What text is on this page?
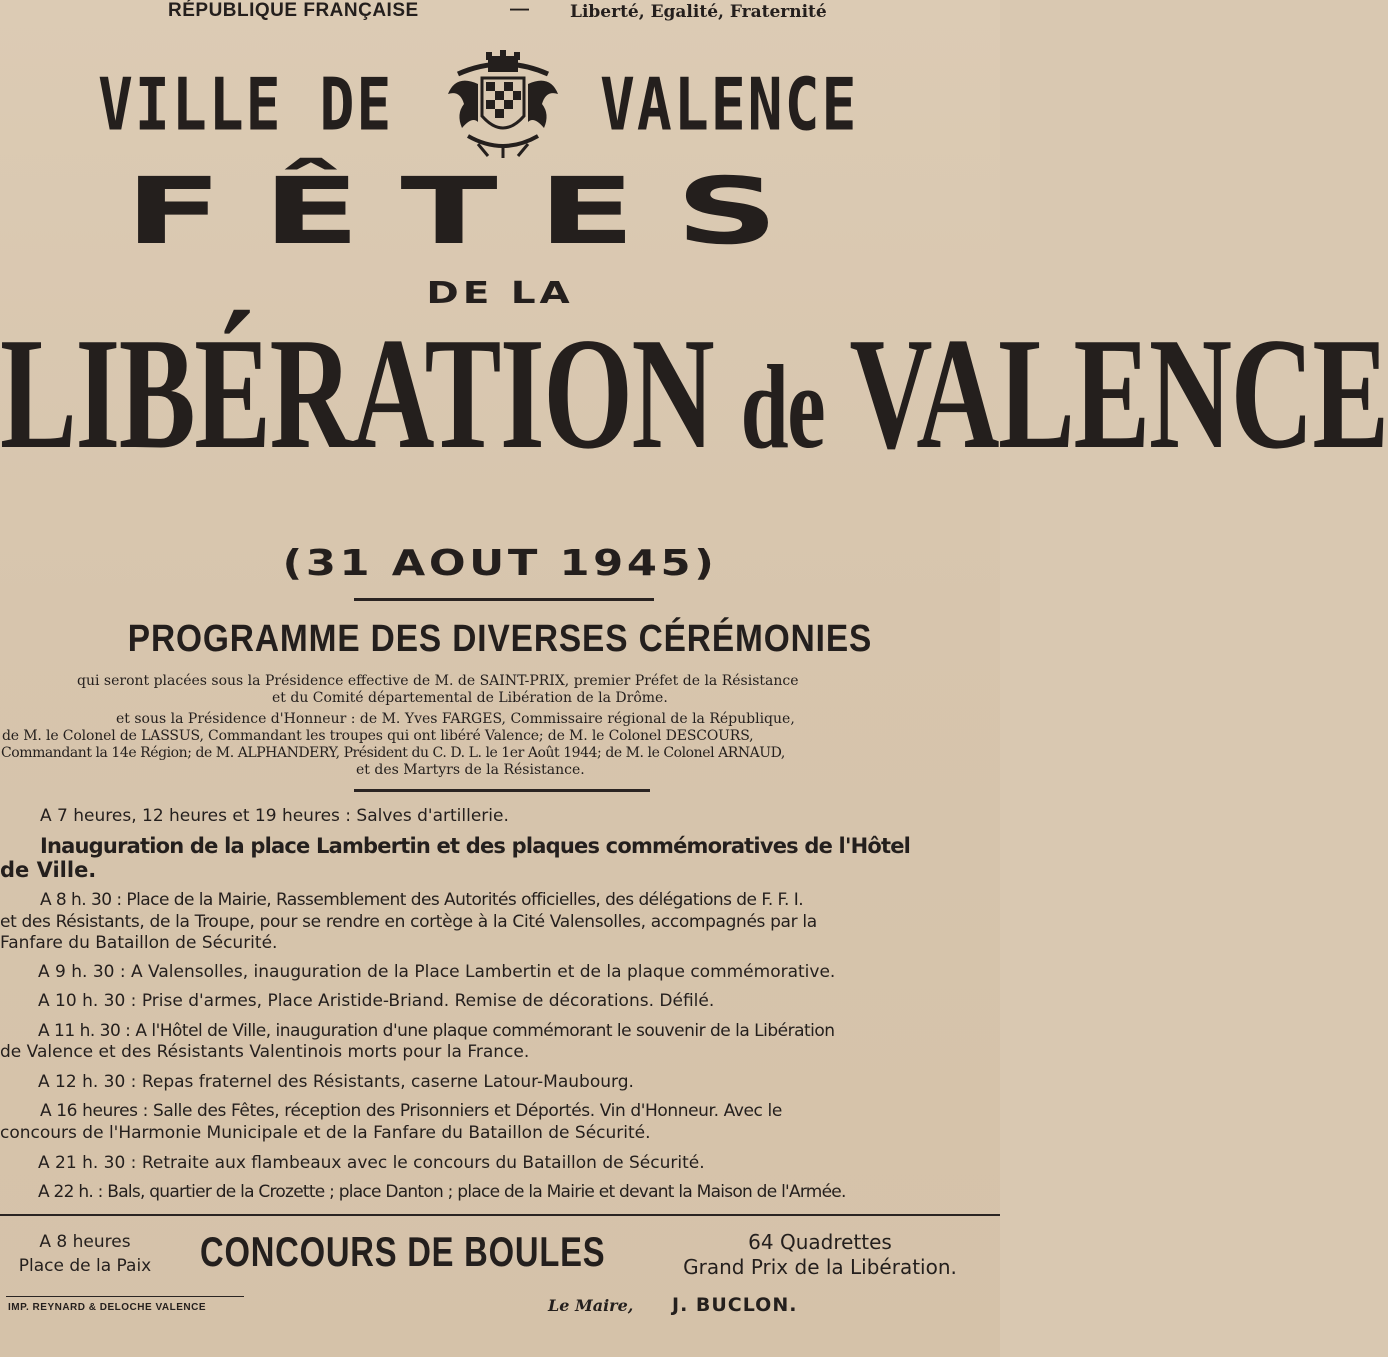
RÉPUBLIQUE FRANÇAISE	— Liberté, Egalité, Fraternité
VILLE DE	VALENCE
FÊTES
DE LA
LIBÉRATION de VALENCE
(31 AOUT 1945)
PROGRAMME DES DIVERSES CÉRÉMONIES
qui seront placées sous la Présidence effective de M. de SAINT-PRIX, premier Préfet de la Résistance
et du Comité départemental de Libération de la Drôme.
et sous la Présidence d'Honneur : de M. Yves FARGES, Commissaire régional de la République,
de M. le Colonel de LASSUS, Commandant les troupes qui ont libéré Valence; de M. le Colonel DESCOURS,
Commandant la 14e Région; de M. ALPHANDERY, Président du C. D. L. le 1er Août 1944; de M. le Colonel ARNAUD,
et des Martyrs de la Résistance.
A 7 heures, 12 heures et 19 heures : Salves d'artillerie.
Inauguration de la place Lambertin et des plaques commémoratives de l'Hôtel
de Ville.
A 8 h. 30 : Place de la Mairie, Rassemblement des Autorités officielles, des délégations de F. F. I.
et des Résistants, de la Troupe, pour se rendre en cortège à la Cité Valensolles, accompagnés par la
Fanfare du Bataillon de Sécurité.
A 9 h. 30 : A Valensolles, inauguration de la Place Lambertin et de la plaque commémorative.
A 10 h. 30 : Prise d'armes, Place Aristide-Briand. Remise de décorations. Défilé.
A 11 h. 30 : A l'Hôtel de Ville, inauguration d'une plaque commémorant le souvenir de la Libération
de Valence et des Résistants Valentinois morts pour la France.
A 12 h. 30 : Repas fraternel des Résistants, caserne Latour-Maubourg.
A 16 heures : Salle des Fêtes, réception des Prisonniers et Déportés. Vin d'Honneur. Avec le
concours de l'Harmonie Municipale et de la Fanfare du Bataillon de Sécurité.
A 21 h. 30 : Retraite aux flambeaux avec le concours du Bataillon de Sécurité.
A 22 h. : Bals, quartier de la Crozette ; place Danton ; place de la Mairie et devant la Maison de l'Armée.
A 8 heures
Place de la Paix	CONCOURS DE BOULES	64 Quadrettes
Grand Prix de la Libération.
IMP. REYNARD & DELOCHE VALENCE	Le Maire, J. BUCLON.
